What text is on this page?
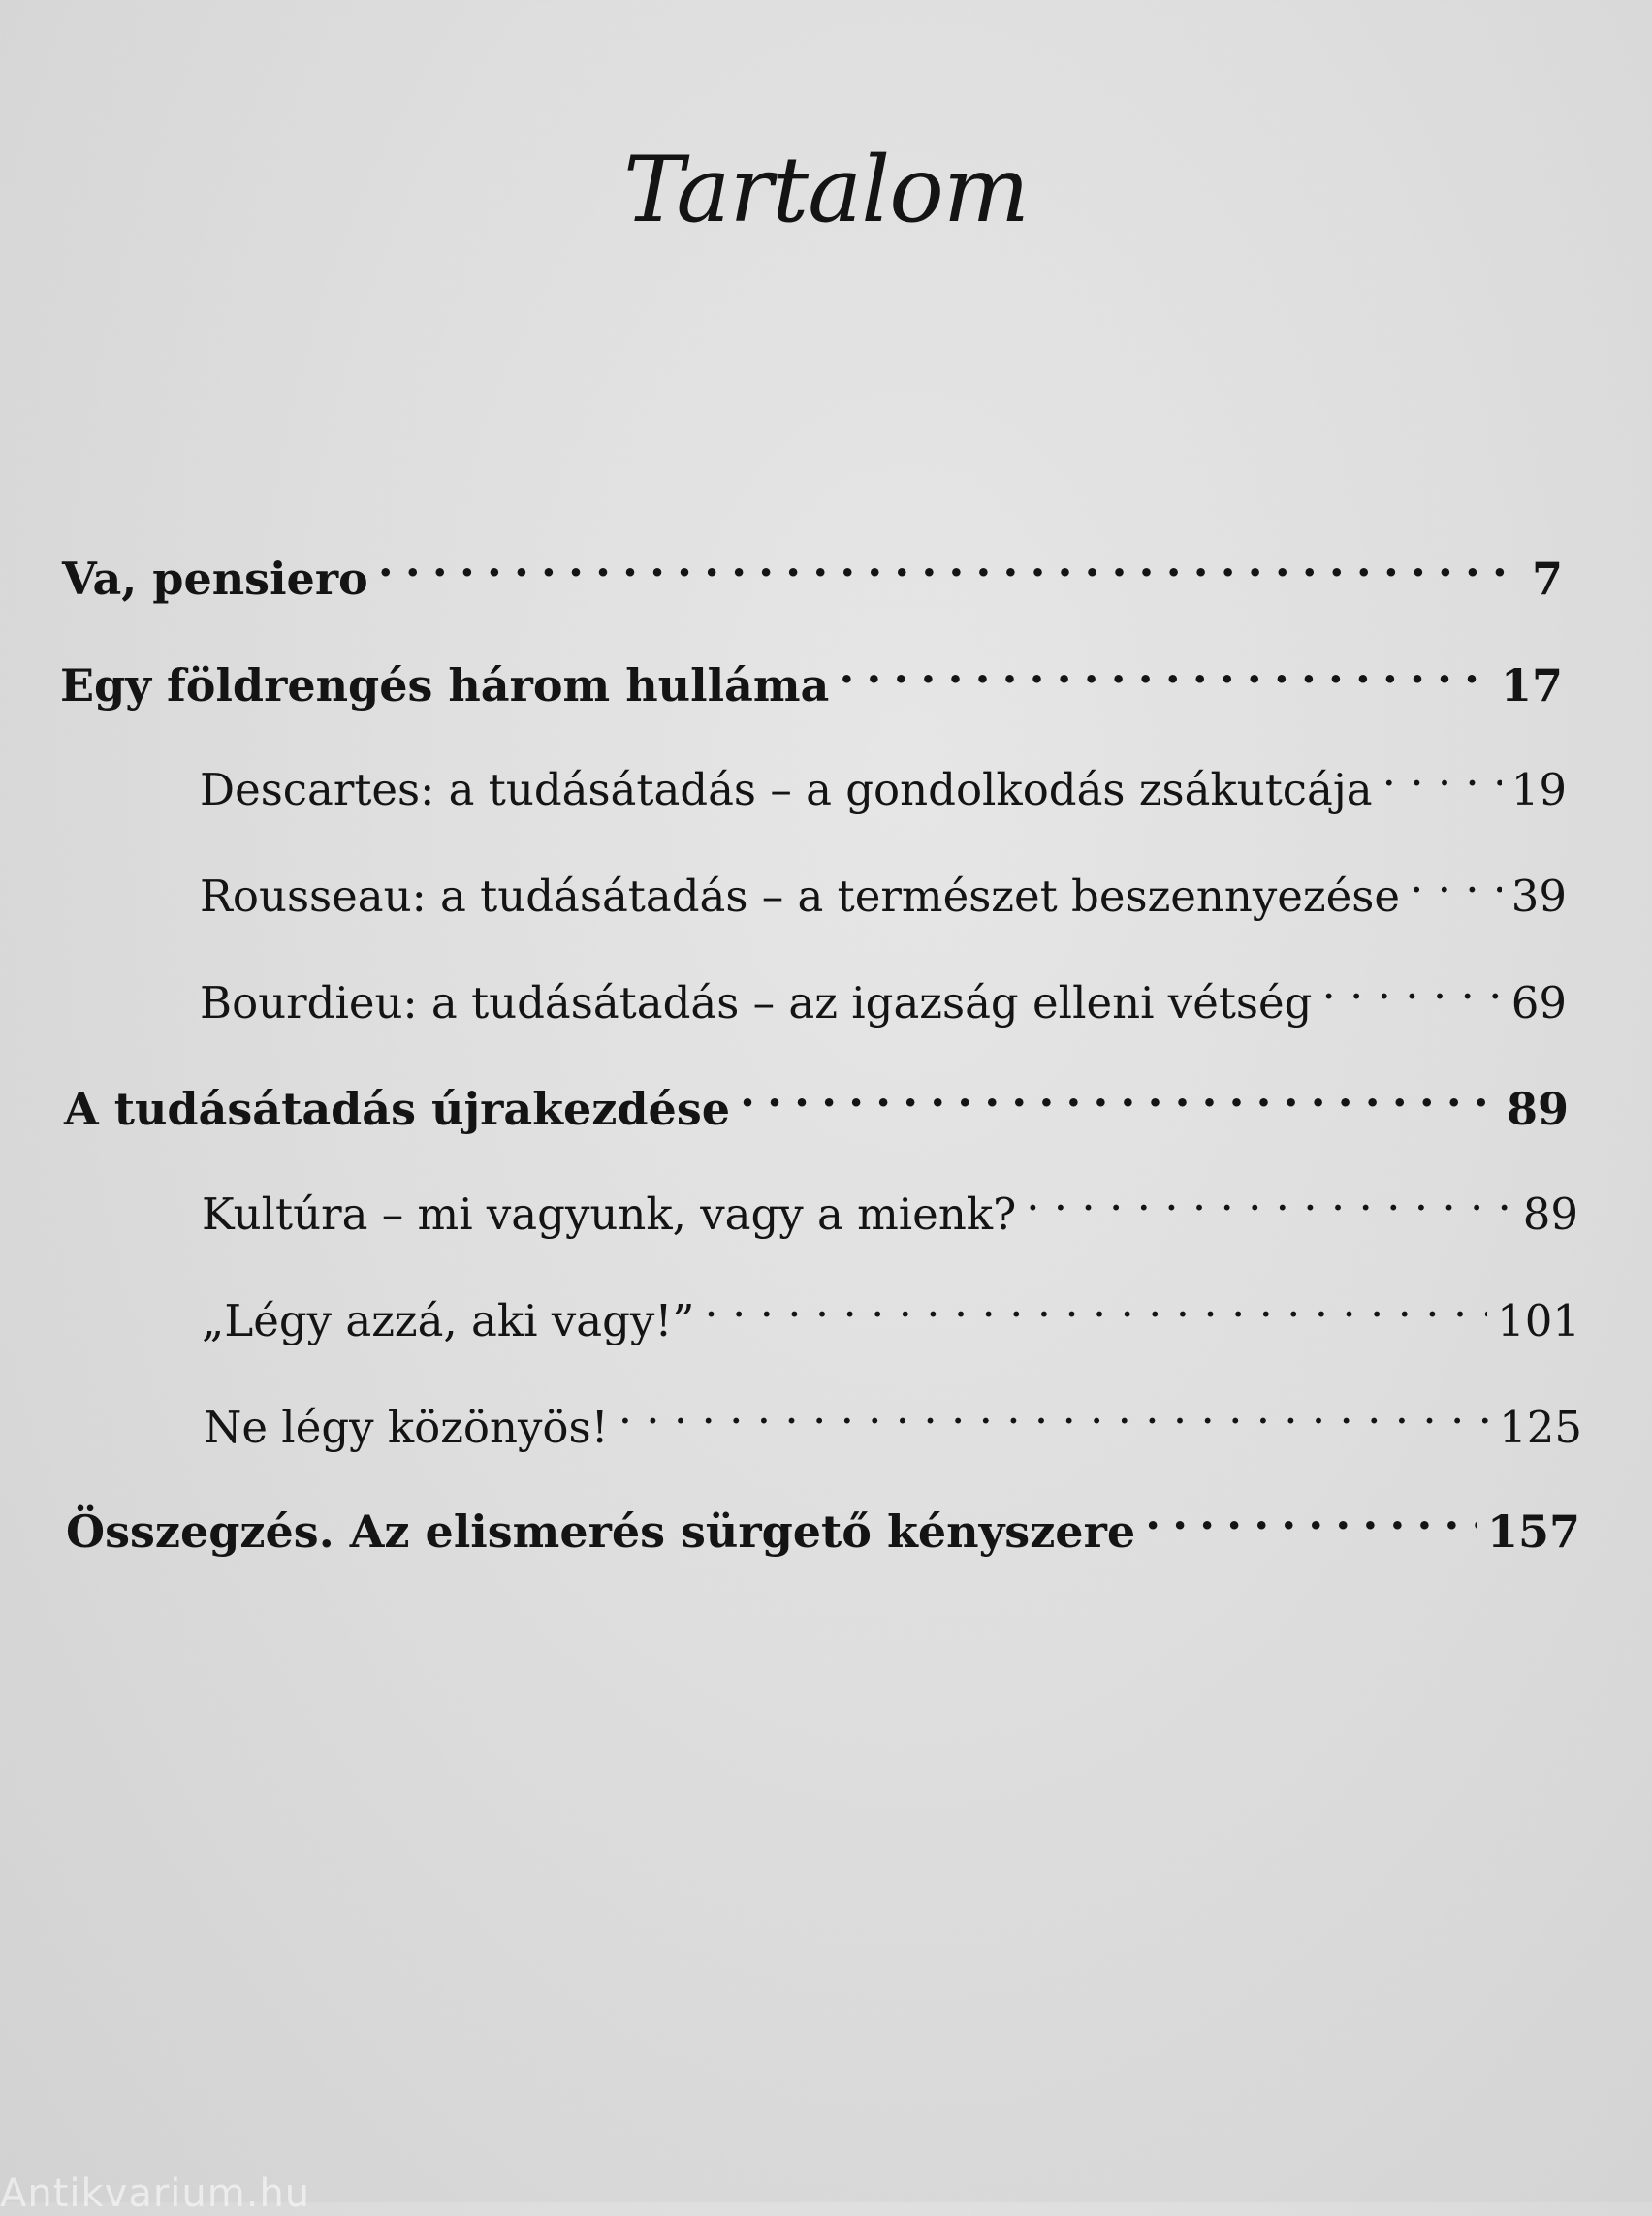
Tartalom
Va, pensiero . . .	7
Egy földrengés három hulláma . . .	17
Descartes: a tudásátadás – a gondolkodás zsákutcája . . .	19
Rousseau: a tudásátadás – a természet beszennyezése . . .	39
Bourdieu: a tudásátadás – az igazság elleni vétség . . .	69
A tudásátadás újrakezdése . . .	89
Kultúra – mi vagyunk, vagy a mienk? . . .	89
„Légy azzá, aki vagy!” . . .	101
Ne légy közönyös! . . .	125
Összegzés. Az elismerés sürgető kényszere . . .	157
Antikvarium.hu
